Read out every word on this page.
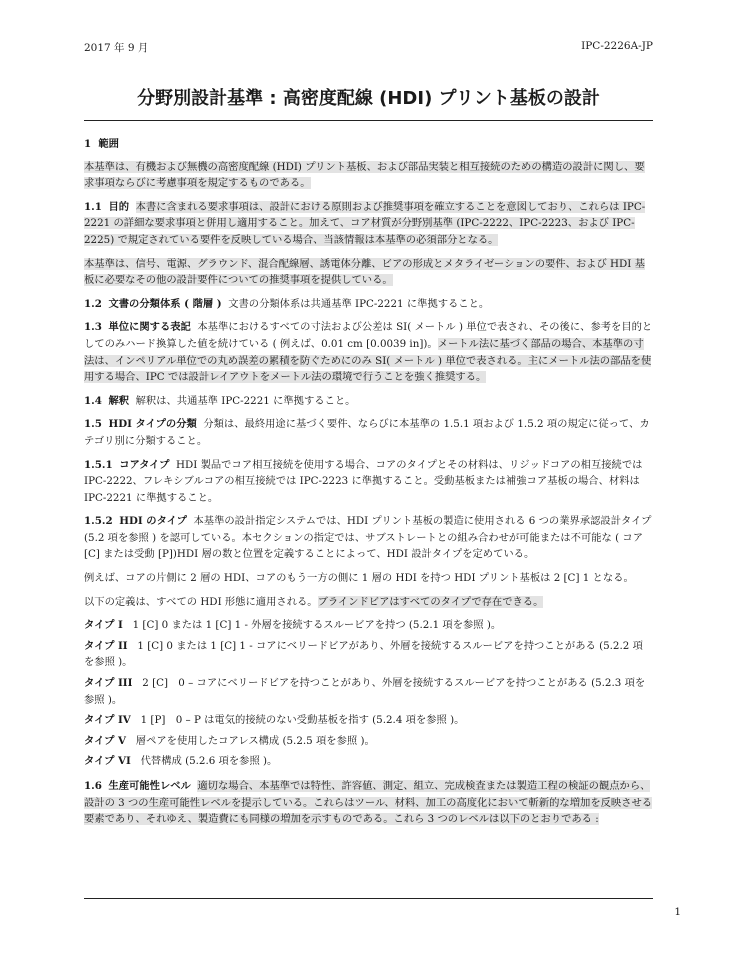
2017 年 9 月	IPC-2226A-JP
分野別設計基準 : 高密度配線 (HDI) プリント基板の設計
1 範囲

本基準は、有機および無機の高密度配線 (HDI) プリント基板、および部品実装と相互接続のための構造の設計に関し、要求事項ならびに考慮事項を規定するものである。

1.1 目的 本書に含まれる要求事項は、設計における原則および推奨事項を確立することを意図しており、これらは IPC-2221 の詳細な要求事項と併用し適用すること。加えて、コア材質が分野別基準 (IPC-2222、IPC-2223、および IPC-2225) で規定されている要件を反映している場合、当該情報は本基準の必須部分となる。

本基準は、信号、電源、グラウンド、混合配線層、誘電体分離、ビアの形成とメタライゼーションの要件、および HDI 基板に必要なその他の設計要件についての推奨事項を提供している。

1.2 文書の分類体系 ( 階層 ) 文書の分類体系は共通基準 IPC-2221 に準拠すること。

1.3 単位に関する表記 本基準におけるすべての寸法および公差は SI( メートル ) 単位で表され、その後に、参考を目的としてのみハード換算した値を続けている ( 例えば、0.01 cm [0.0039 in])。メートル法に基づく部品の場合、本基準の寸法は、インペリアル単位での丸め誤差の累積を防ぐためにのみ SI( メートル ) 単位で表される。主にメートル法の部品を使用する場合、IPC では設計レイアウトをメートル法の環境で行うことを強く推奨する。

1.4 解釈 解釈は、共通基準 IPC-2221 に準拠すること。

1.5 HDI タイプの分類 分類は、最終用途に基づく要件、ならびに本基準の 1.5.1 項および 1.5.2 項の規定に従って、カテゴリ別に分類すること。

1.5.1 コアタイプ HDI 製品でコア相互接続を使用する場合、コアのタイプとその材料は、リジッドコアの相互接続では IPC-2222、フレキシブルコアの相互接続では IPC-2223 に準拠すること。受動基板または補強コア基板の場合、材料は IPC-2221 に準拠すること。

1.5.2 HDI のタイプ 本基準の設計指定システムでは、HDI プリント基板の製造に使用される 6 つの業界承認設計タイプ (5.2 項を参照 ) を認可している。本セクションの指定では、サブストレートとの組み合わせが可能または不可能な ( コア [C] または受動 [P])HDI 層の数と位置を定義することによって、HDI 設計タイプを定めている。

例えば、コアの片側に 2 層の HDI、コアのもう一方の側に 1 層の HDI を持つ HDI プリント基板は 2 [C] 1 となる。

以下の定義は、すべての HDI 形態に適用される。ブラインドビアはすべてのタイプで存在できる。

タイプ I 1 [C] 0 または 1 [C] 1 - 外層を接続するスルービアを持つ (5.2.1 項を参照 )。
タイプ II 1 [C] 0 または 1 [C] 1 - コアにベリードビアがあり、外層を接続するスルービアを持つことがある (5.2.2 項を参照 )。
タイプ III 2 [C]　0 – コアにベリードビアを持つことがあり、外層を接続するスルービアを持つことがある (5.2.3 項を参照 )。
タイプ IV 1 [P]　0 – P は電気的接続のない受動基板を指す (5.2.4 項を参照 )。
タイプ V 層ペアを使用したコアレス構成 (5.2.5 項を参照 )。
タイプ VI 代替構成 (5.2.6 項を参照 )。

1.6 生産可能性レベル 適切な場合、本基準では特性、許容値、測定、組立、完成検査または製造工程の検証の観点から、設計の 3 つの生産可能性レベルを提示している。これらはツール、材料、加工の高度化において斬新的な増加を反映させる要素であり、それゆえ、製造費にも同様の増加を示すものである。これら 3 つのレベルは以下のとおりである :

1
